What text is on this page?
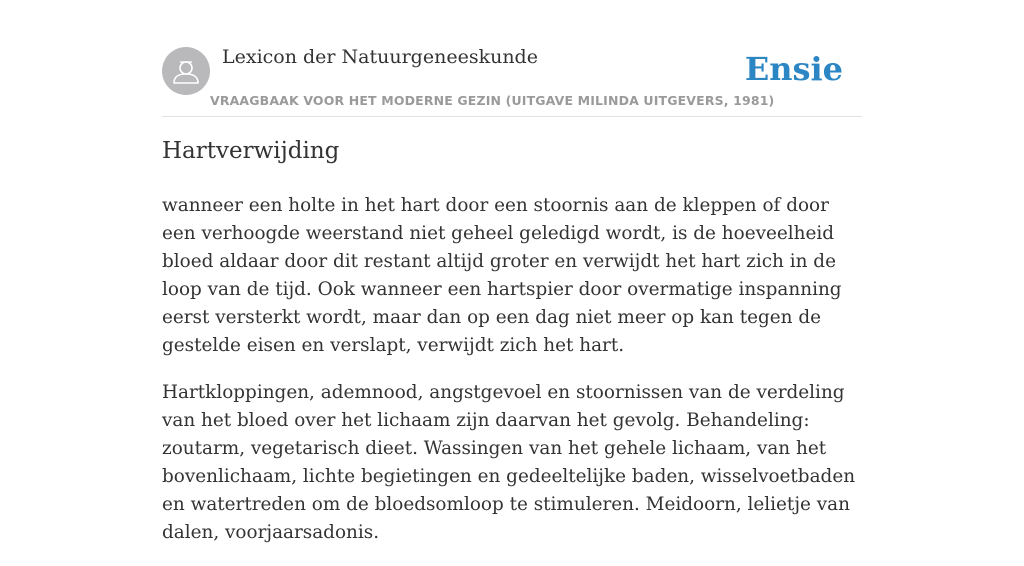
Lexicon der Natuurgeneeskunde
VRAAGBAAK VOOR HET MODERNE GEZIN (UITGAVE MILINDA UITGEVERS, 1981)
Ensie
Hartverwijding

wanneer een holte in het hart door een stoornis aan de kleppen of door een verhoogde weerstand niet geheel geledigd wordt, is de hoeveelheid bloed aldaar door dit restant altijd groter en verwijdt het hart zich in de loop van de tijd. Ook wanneer een hartspier door overmatige inspanning eerst versterkt wordt, maar dan op een dag niet meer op kan tegen de gestelde eisen en verslapt, verwijdt zich het hart.

Hartkloppingen, ademnood, angstgevoel en stoornissen van de verdeling van het bloed over het lichaam zijn daarvan het gevolg. Behandeling: zoutarm, vegetarisch dieet. Wassingen van het gehele lichaam, van het bovenlichaam, lichte begietingen en gedeeltelijke baden, wisselvoetbaden en watertreden om de bloedsomloop te stimuleren. Meidoorn, lelietje van dalen, voorjaarsadonis.
